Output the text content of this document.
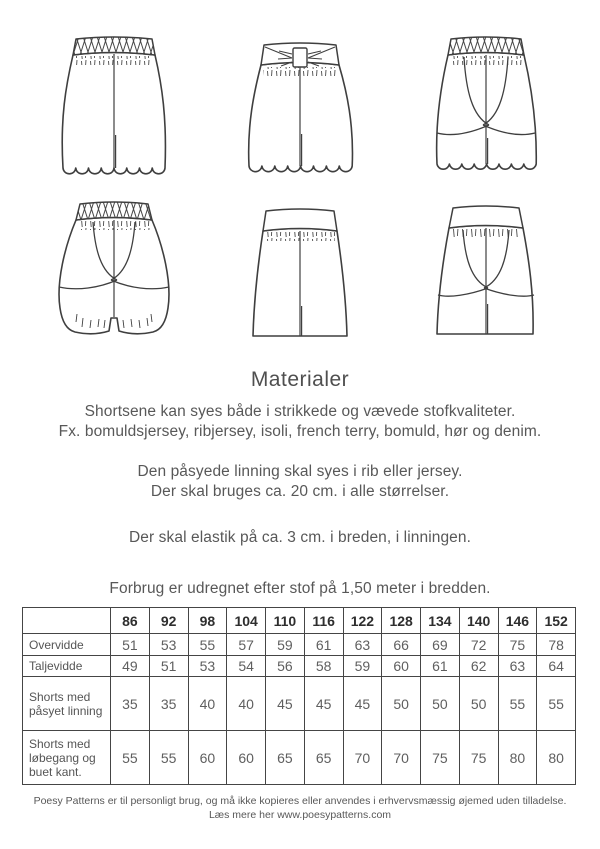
Materialer
Shortsene kan syes både i strikkede og vævede stofkvaliteter.
Fx. bomuldsjersey, ribjersey, isoli, french terry, bomuld, hør og denim.
Den påsyede linning skal syes i rib eller jersey.
Der skal bruges ca. 20 cm. i alle størrelser.
Der skal elastik på ca. 3 cm. i breden, i linningen.
Forbrug er udregnet efter stof på 1,50 meter i bredden.
	86	92	98	104	110	116	122	128	134	140	146	152
Overvidde	51	53	55	57	59	61	63	66	69	72	75	78
Taljevidde	49	51	53	54	56	58	59	60	61	62	63	64
Shorts med påsyet linning	35	35	40	40	45	45	45	50	50	50	55	55
Shorts med løbegang og buet kant.	55	55	60	60	65	65	70	70	75	75	80	80
Poesy Patterns er til personligt brug, og må ikke kopieres eller anvendes i erhvervsmæssig øjemed uden tilladelse.
Læs mere her www.poesypatterns.com
